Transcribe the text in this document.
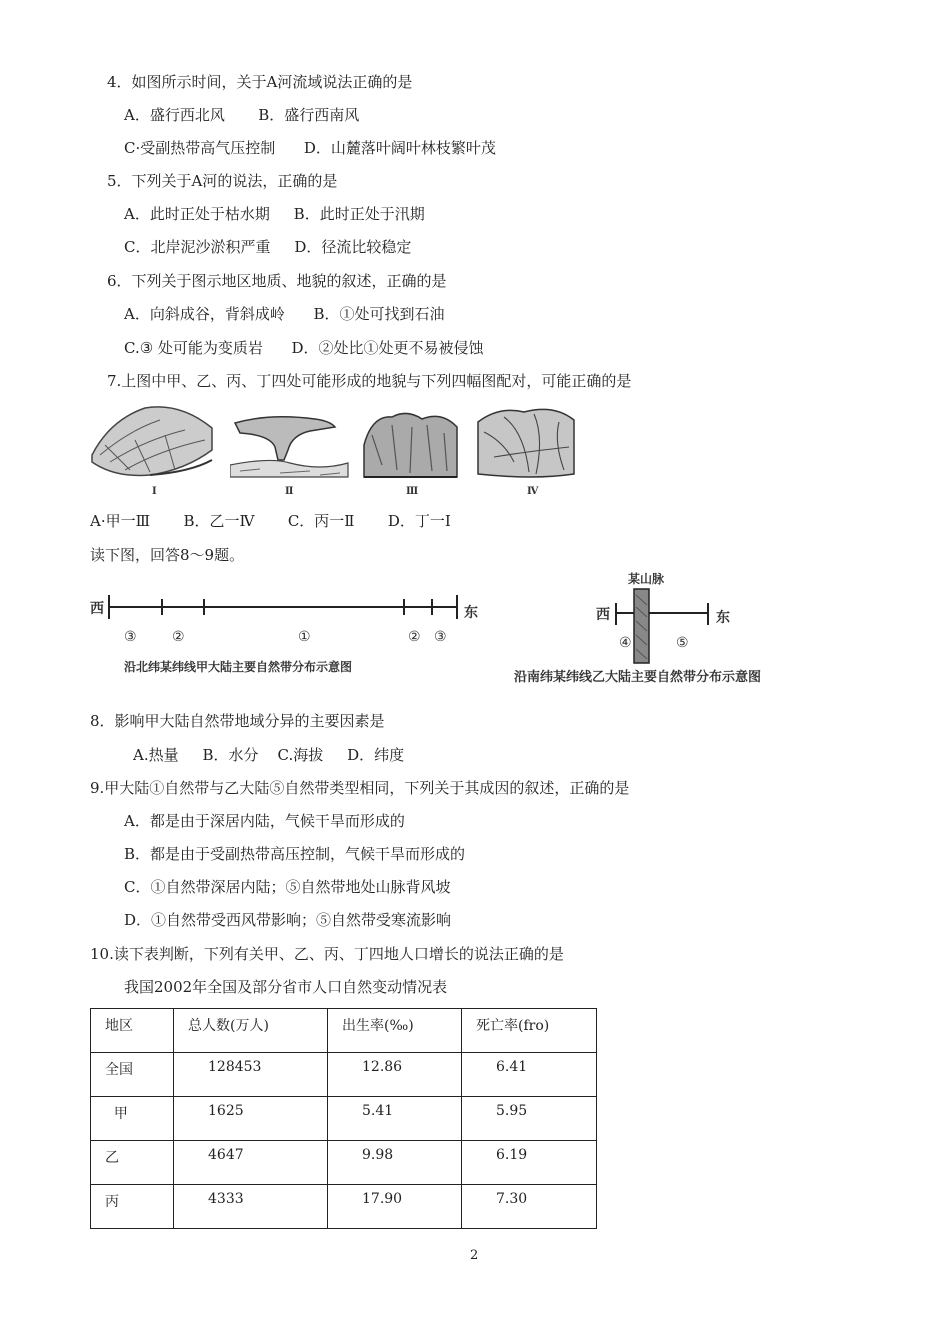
4．如图所示时间，关于A河流域说法正确的是
A．盛行西北风       B．盛行西南风
C·受副热带高气压控制      D．山麓落叶阔叶林枝繁叶茂
5．下列关于A河的说法，正确的是
A．此时正处于枯水期     B．此时正处于汛期
C．北岸泥沙淤积严重     D．径流比较稳定
6．下列关于图示地区地质、地貌的叙述，正确的是
A．向斜成谷，背斜成岭      B．①处可找到石油
C.③ 处可能为变质岩      D．②处比①处更不易被侵蚀
7.上图中甲、乙、丙、丁四处可能形成的地貌与下列四幅图配对，可能正确的是
Ⅰ	Ⅱ	Ⅲ	Ⅳ
A·甲一Ⅲ       B．乙一Ⅳ       C．丙一Ⅱ       D．丁一Ⅰ
读下图，回答8～9题。
西	东
③	②	①	② ③
沿北纬某纬线甲大陆主要自然带分布示意图
某山脉
西	东
④	⑤
沿南纬某纬线乙大陆主要自然带分布示意图
8．影响甲大陆自然带地域分异的主要因素是
A.热量     B．水分    C.海拔     D．纬度
9.甲大陆①自然带与乙大陆⑤自然带类型相同，下列关于其成因的叙述，正确的是
A．都是由于深居内陆，气候干旱而形成的
B．都是由于受副热带高压控制，气候干旱而形成的
C．①自然带深居内陆；⑤自然带地处山脉背风坡
D．①自然带受西风带影响；⑤自然带受寒流影响
10.读下表判断，下列有关甲、乙、丙、丁四地人口增长的说法正确的是
我国2002年全国及部分省市人口自然变动情况表
地区	总人数(万人)	出生率(‰)	死亡率(fro)
全国	128453	12.86	6.41
甲	1625	5.41	5.95
乙	4647	9.98	6.19
丙	4333	17.90	7.30
2
